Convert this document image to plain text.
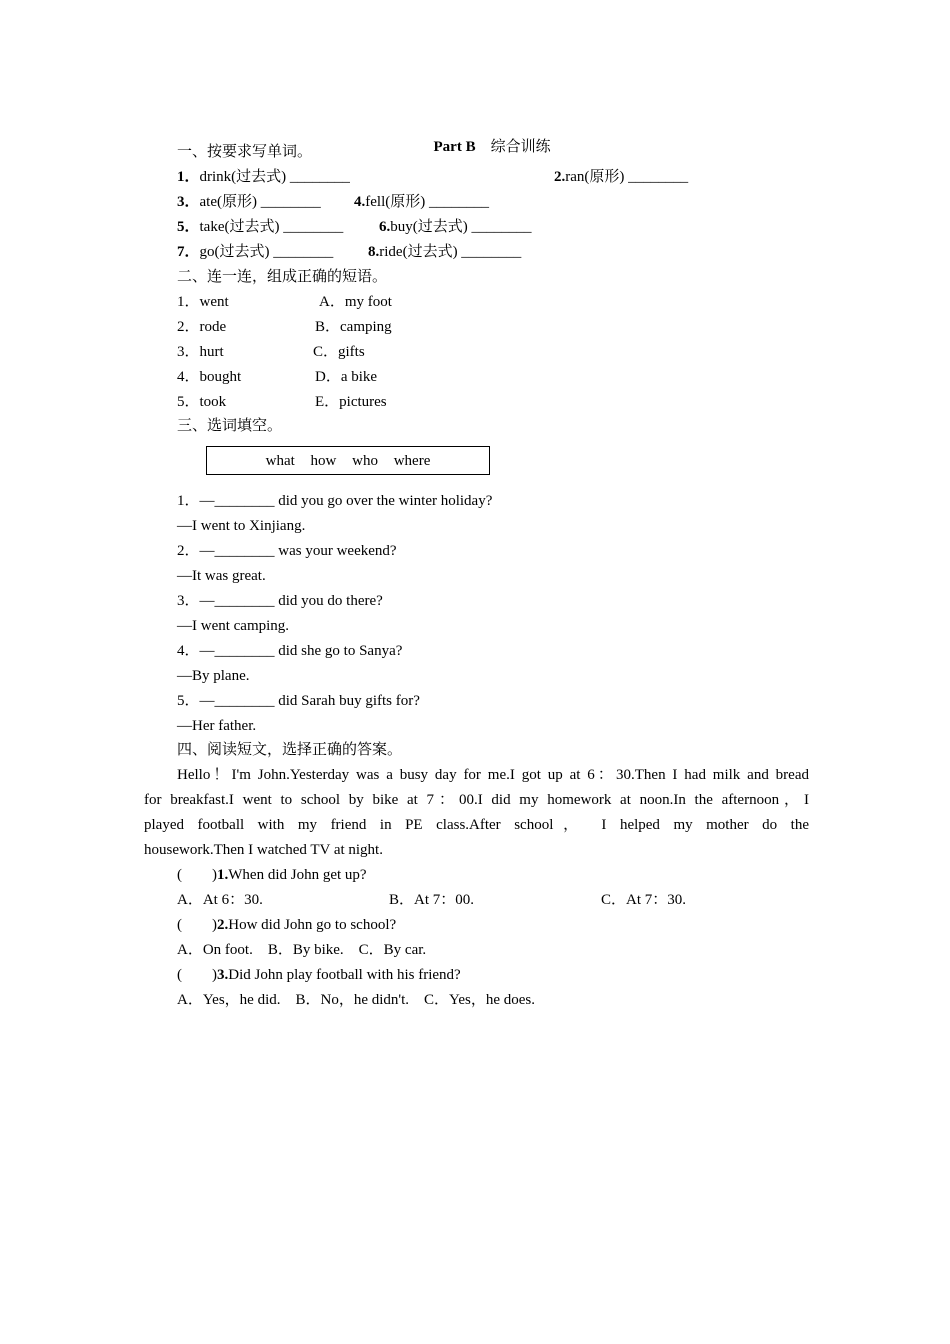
Part B　 综合训练

一、按要求写单词。
1．drink(过去式) ________	2.ran(原形) ________
3．ate(原形) ________ 4.fell(原形) ________
5．take(过去式) ________ 6.buy(过去式) ________
7．go(过去式) ________ 8.ride(过去式) ________
二、连一连，组成正确的短语。
1．went	A．my foot
2．rode	B．camping
3．hurt	C．gifts
4．bought	D．a bike
5．took	E．pictures
三、选词填空。
what how who where
1．—________ did you go over the winter holiday?
—I went to Xinjiang.
2．—________ was your weekend?
—It was great.
3．—________ did you do there?
—I went camping.
4．—________ did she go to Sanya?
—By plane.
5．—________ did Sarah buy gifts for?
—Her father.
四、阅读短文，选择正确的答案。
Hello！I'm John.Yesterday was a busy day for me.I got up at 6：30.Then I had milk and bread
for breakfast.I went to school by bike at 7：00.I did my homework at noon.In the afternoon，I
played football with my friend in PE class.After school， I helped my mother do the
housework.Then I watched TV at night.
(　　)1.When did John get up?
A．At 6：30.	B．At 7：00.	C．At 7：30.
(　　)2.How did John go to school?
A．On foot.　B．By bike.　C．By car.
(　　)3.Did John play football with his friend?
A．Yes，he did.　B．No，he didn't.　C．Yes，he does.
